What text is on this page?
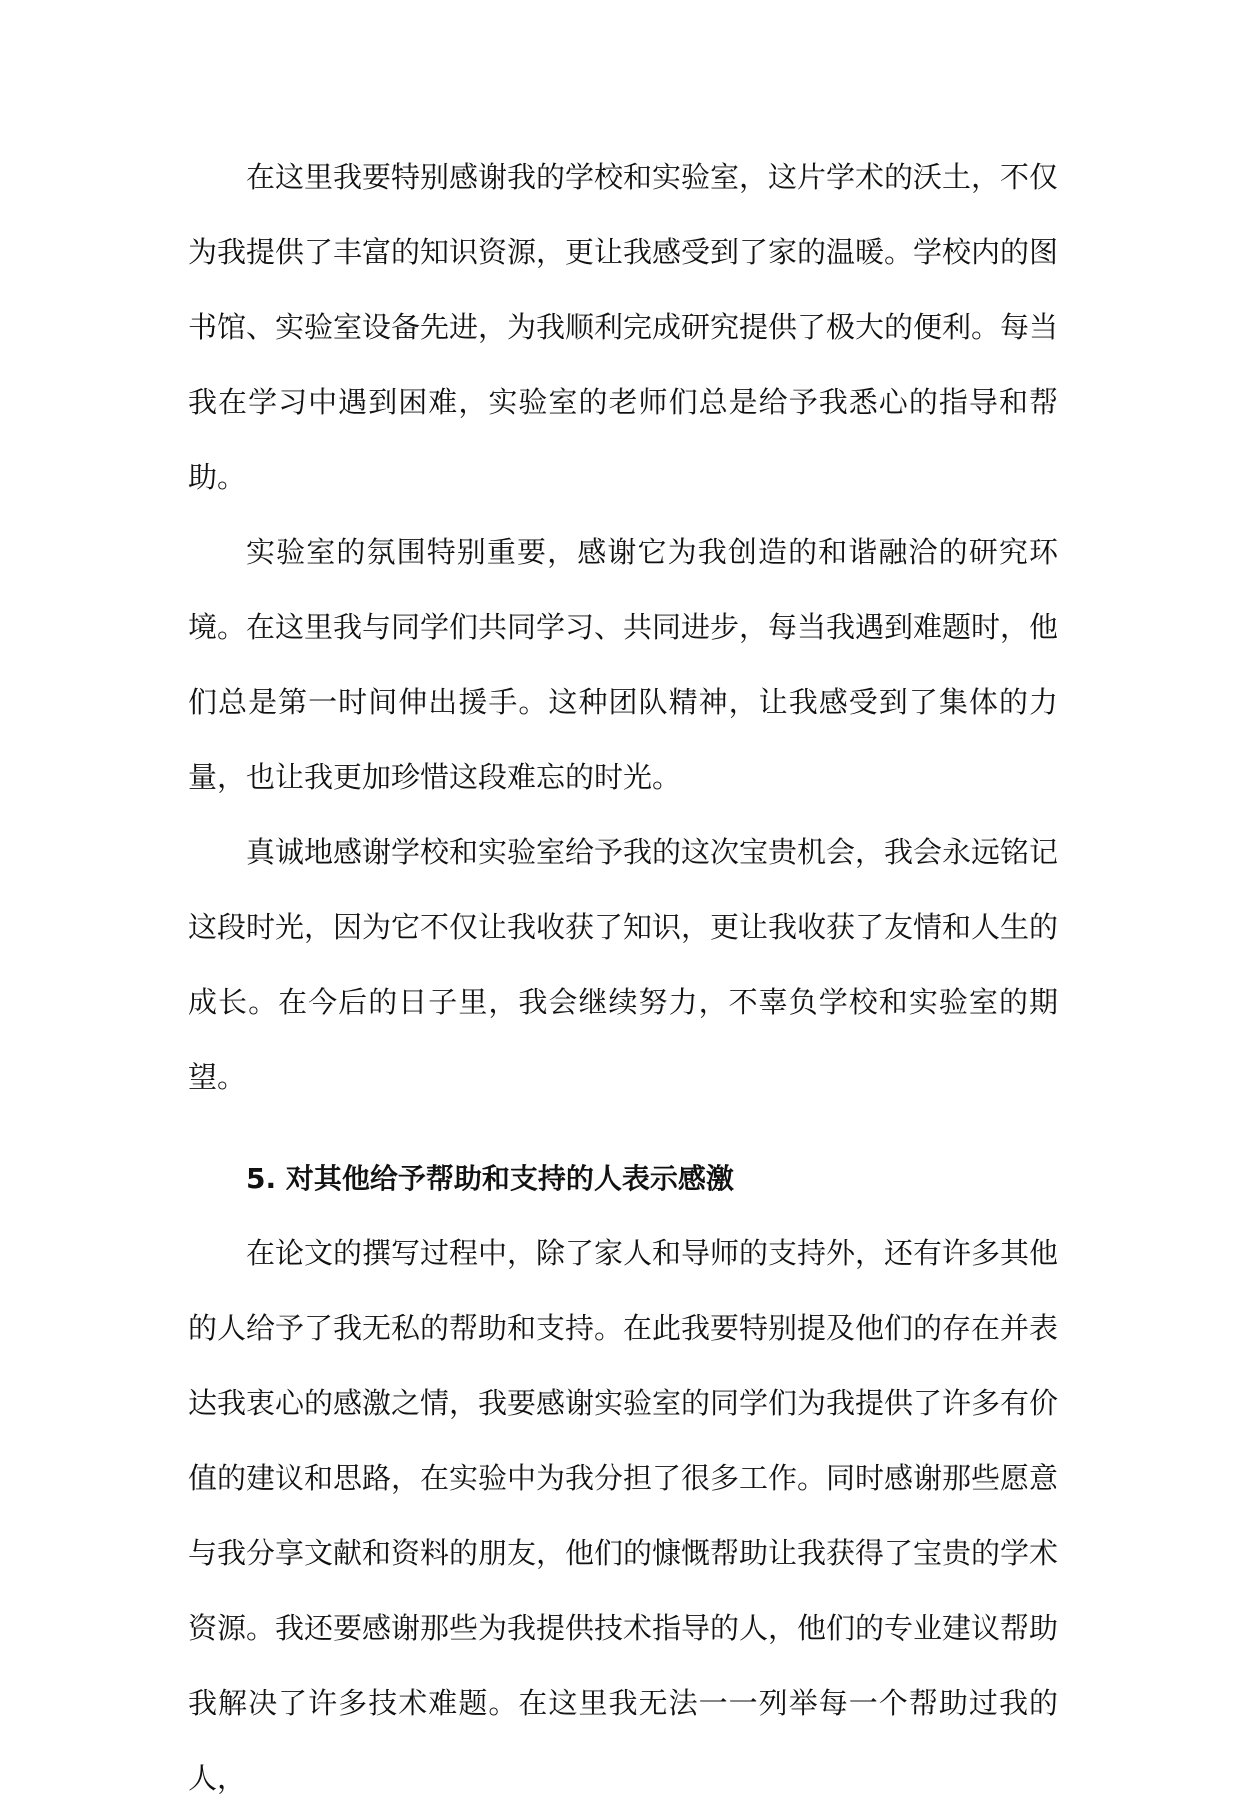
在这里我要特别感谢我的学校和实验室，这片学术的沃土，不仅为我提供了丰富的知识资源，更让我感受到了家的温暖。学校内的图书馆、实验室设备先进，为我顺利完成研究提供了极大的便利。每当我在学习中遇到困难，实验室的老师们总是给予我悉心的指导和帮助。

实验室的氛围特别重要，感谢它为我创造的和谐融洽的研究环境。在这里我与同学们共同学习、共同进步，每当我遇到难题时，他们总是第一时间伸出援手。这种团队精神，让我感受到了集体的力量，也让我更加珍惜这段难忘的时光。

真诚地感谢学校和实验室给予我的这次宝贵机会，我会永远铭记这段时光，因为它不仅让我收获了知识，更让我收获了友情和人生的成长。在今后的日子里，我会继续努力，不辜负学校和实验室的期望。

5. 对其他给予帮助和支持的人表示感激

在论文的撰写过程中，除了家人和导师的支持外，还有许多其他的人给予了我无私的帮助和支持。在此我要特别提及他们的存在并表达我衷心的感激之情，我要感谢实验室的同学们为我提供了许多有价值的建议和思路，在实验中为我分担了很多工作。同时感谢那些愿意与我分享文献和资料的朋友，他们的慷慨帮助让我获得了宝贵的学术资源。我还要感谢那些为我提供技术指导的人，他们的专业建议帮助我解决了许多技术难题。在这里我无法一一列举每一个帮助过我的人，
